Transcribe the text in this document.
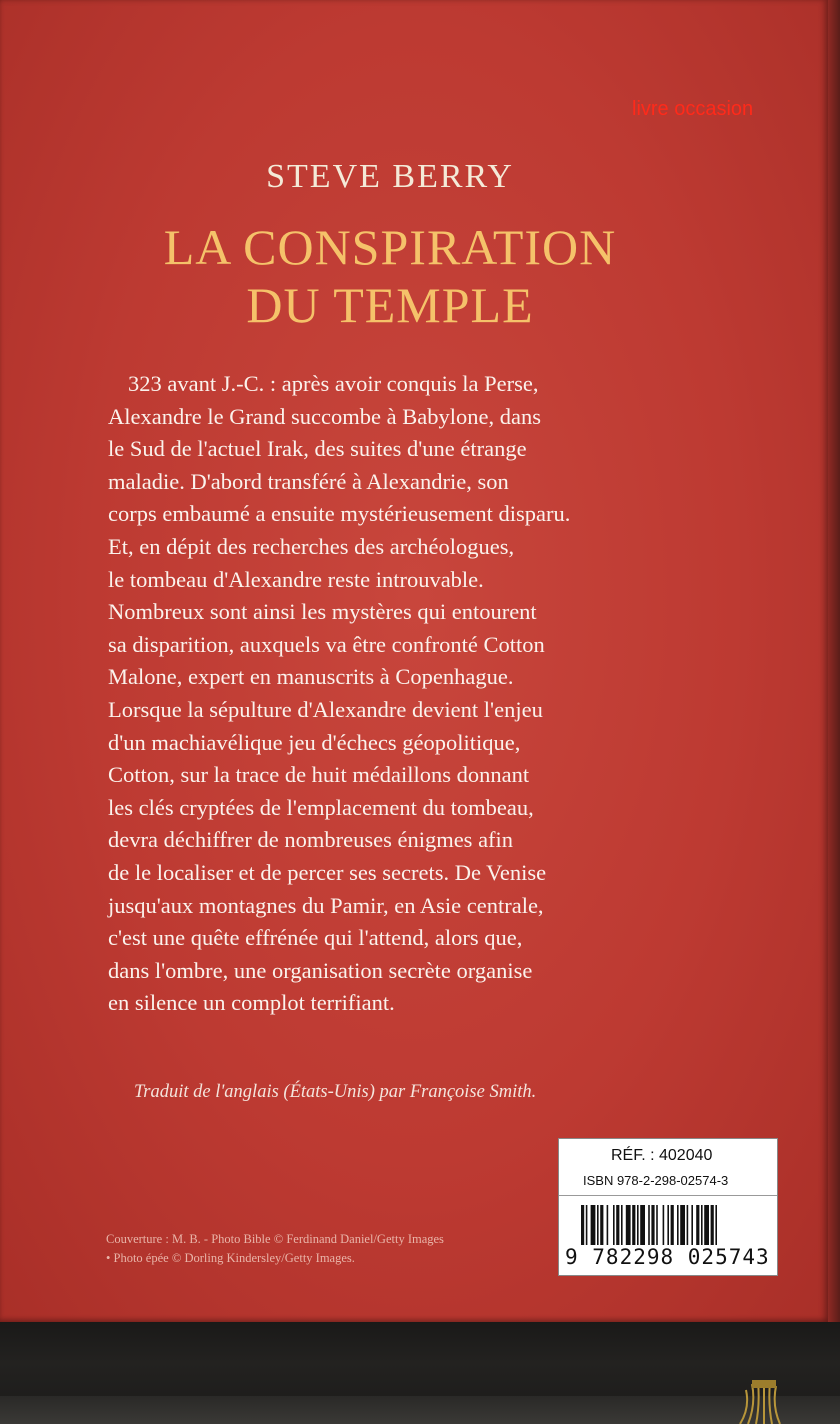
livre occasion
STEVE BERRY
LA CONSPIRATION
DU TEMPLE
323 avant J.-C. : après avoir conquis la Perse,
Alexandre le Grand succombe à Babylone, dans
le Sud de l'actuel Irak, des suites d'une étrange
maladie. D'abord transféré à Alexandrie, son
corps embaumé a ensuite mystérieusement disparu.
Et, en dépit des recherches des archéologues,
le tombeau d'Alexandre reste introuvable.
Nombreux sont ainsi les mystères qui entourent
sa disparition, auxquels va être confronté Cotton
Malone, expert en manuscrits à Copenhague.
Lorsque la sépulture d'Alexandre devient l'enjeu
d'un machiavélique jeu d'échecs géopolitique,
Cotton, sur la trace de huit médaillons donnant
les clés cryptées de l'emplacement du tombeau,
devra déchiffrer de nombreuses énigmes afin
de le localiser et de percer ses secrets. De Venise
jusqu'aux montagnes du Pamir, en Asie centrale,
c'est une quête effrénée qui l'attend, alors que,
dans l'ombre, une organisation secrète organise
en silence un complot terrifiant.
Traduit de l'anglais (États-Unis) par Françoise Smith.
Couverture : M. B. - Photo Bible © Ferdinand Daniel/Getty Images
• Photo épée © Dorling Kindersley/Getty Images.
RÉF. : 402040
ISBN 978-2-298-02574-3
9 782298 025743
